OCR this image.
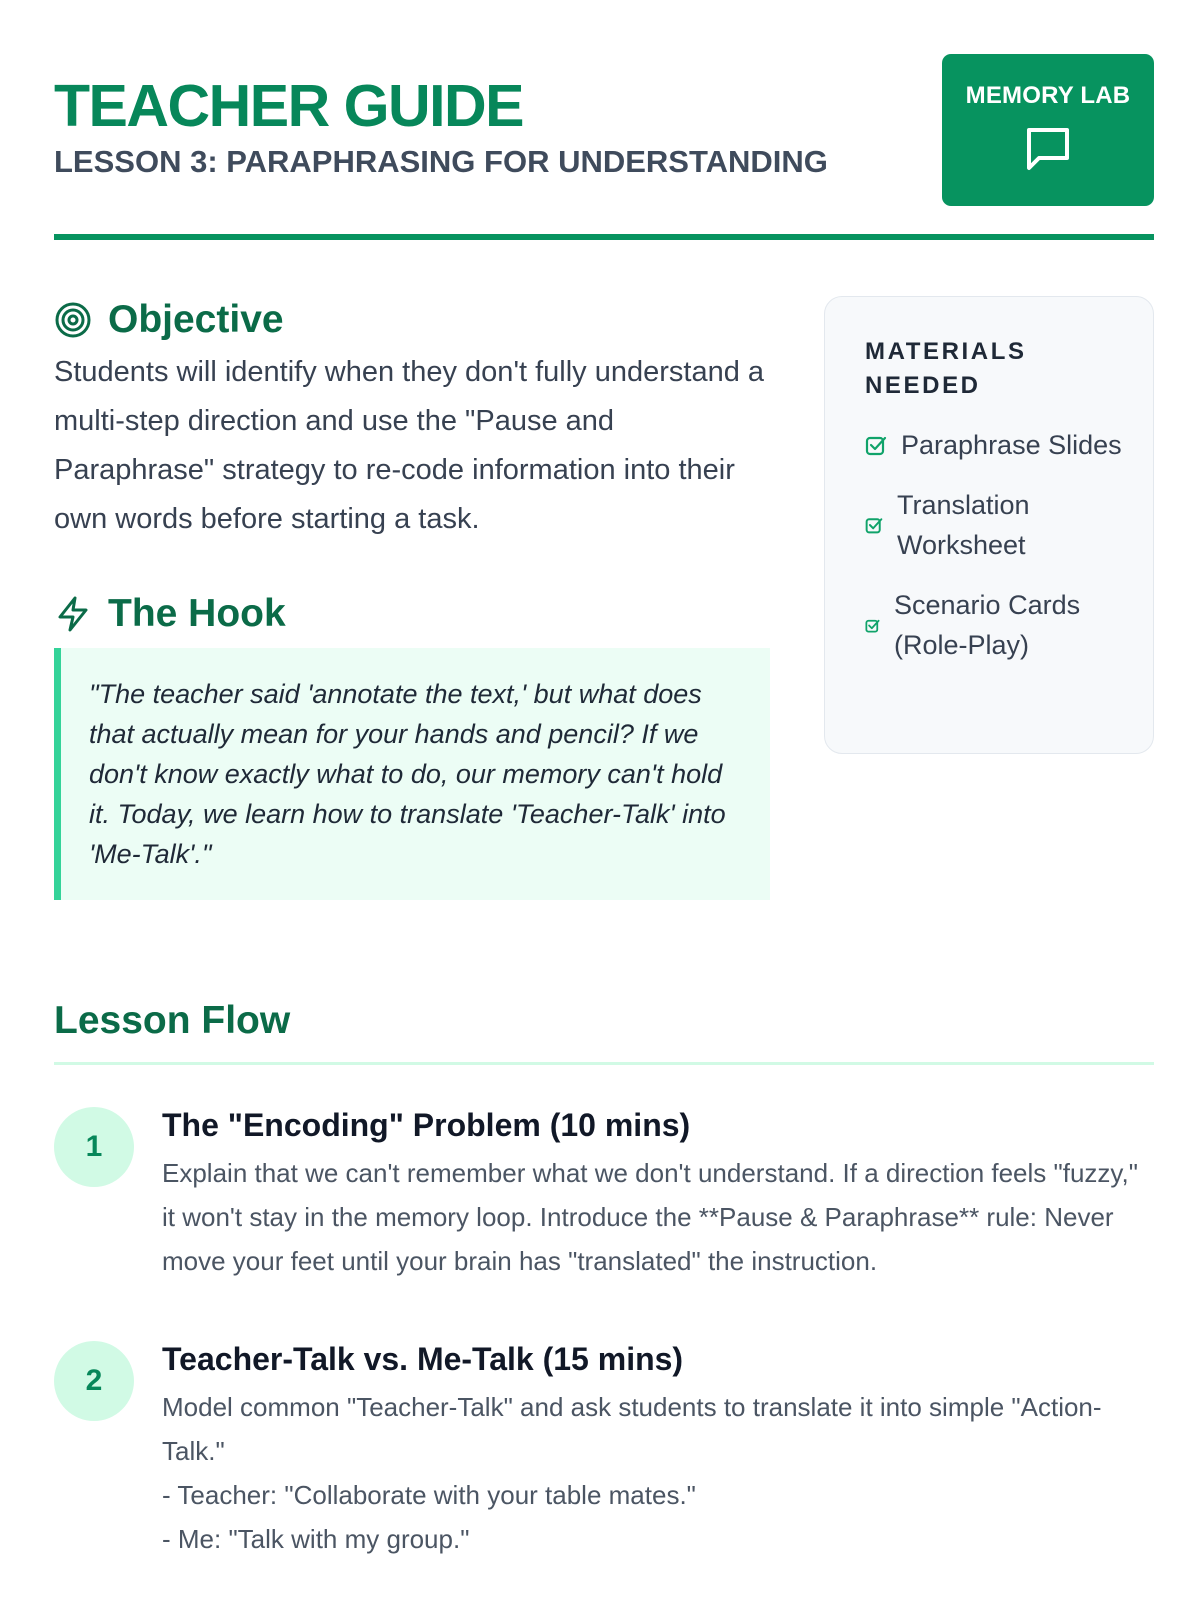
TEACHER GUIDE
LESSON 3: PARAPHRASING FOR UNDERSTANDING
MEMORY LAB
Objective

Students will identify when they don't fully understand a multi-step direction and use the "Pause and Paraphrase" strategy to re-code information into their own words before starting a task.

The Hook

"The teacher said 'annotate the text,' but what does that actually mean for your hands and pencil? If we don't know exactly what to do, our memory can't hold it. Today, we learn how to translate 'Teacher-Talk' into 'Me-Talk'."

MATERIALS NEEDED
Paraphrase Slides
Translation Worksheet
Scenario Cards (Role-Play)
Lesson Flow
1
The "Encoding" Problem (10 mins)

Explain that we can't remember what we don't understand. If a direction feels "fuzzy," it won't stay in the memory loop. Introduce the **Pause & Paraphrase** rule: Never move your feet until your brain has "translated" the instruction.

2
Teacher-Talk vs. Me-Talk (15 mins)

Model common "Teacher-Talk" and ask students to translate it into simple "Action-Talk."
- Teacher: "Collaborate with your table mates."
- Me: "Talk with my group."
